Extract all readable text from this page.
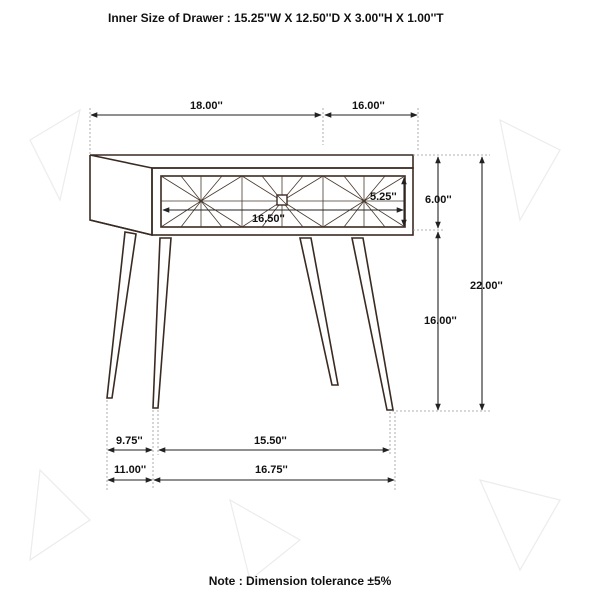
Inner Size of Drawer : 15.25''W X 12.50''D X 3.00''H X 1.00''T
18.00''	16.00''
16.50''
5.25''	6.00''
16.00''
22.00''
9.75''	15.50''
11.00''	16.75''
Note : Dimension tolerance ±5%
